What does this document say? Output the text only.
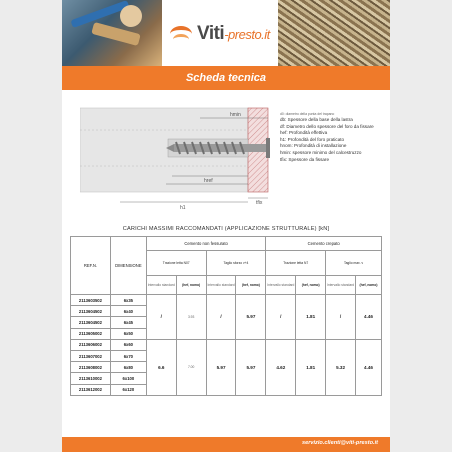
Viti-presto.it
Scheda tecnica
hmin
tfix
href
h1
d0: diametro della punta del trapano
db: Spessore della base della lastra
df: Diametro dello spessore del foro da fissare
hef: Profondità effettiva
h1: Profondità del foro praticato
hnom: Profondità di installazione
hmin: spessore minimo del calcestruzzo
tfix: Spessore da fissare
CARICHI MASSIMI RACCOMANDATI (APPLICAZIONE STRUTTURALE) [kN]
REF.N.	DIMENSIONE	Cemento non fessurato				Cemento crepato			
		Trazione letta N07		Taglio sforzo ν+4		Trazione letta N7		Taglio max. ν	
		Intervallo standard	(hef, nomo)	Intervallo standard	(hef, nomo)	Intervallo standard	(hef, nomo)	Intervallo standard	(hef, nomo)
2113603502	6x35	/	3.93	/	5.97	/	1.81	/	4.46
2113604502	6x40								
2113604502	6x45								
2113605002	6x50								
2113606002	6x60	6.6	7.00	5.97	5.97	4.62	1.81	5.32	4.46
2113607002	6x70								
2113608002	6x80								
2113610002	6x100								
2113612002	6x120								
servizio.clienti@viti-presto.it
